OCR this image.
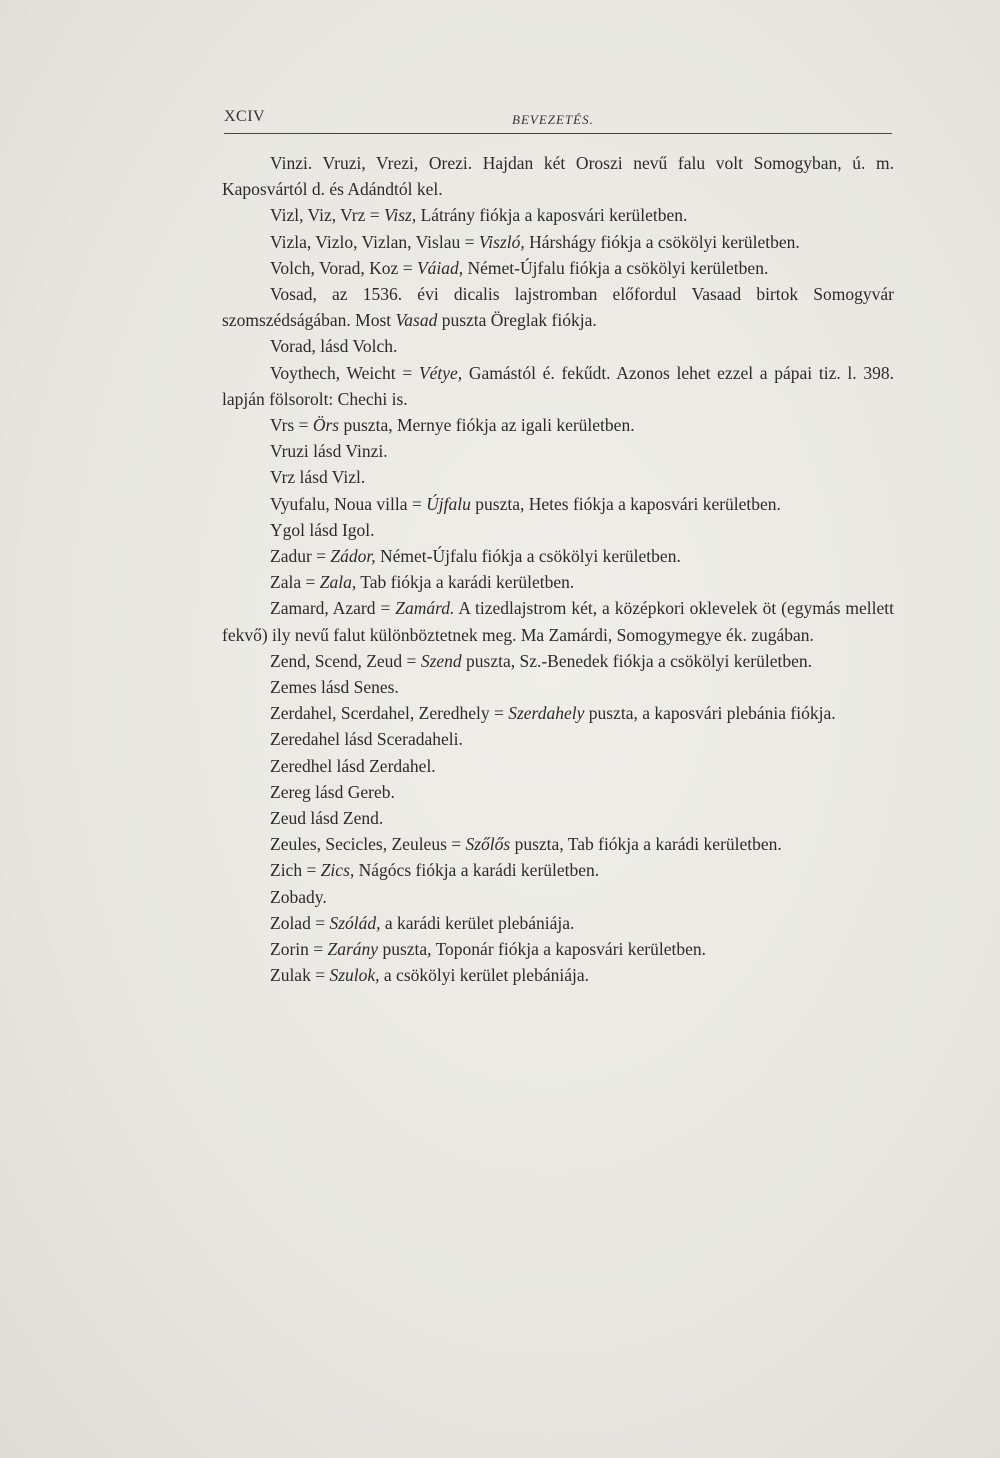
XCIV	BEVEZETÉS.

Vinzi. Vruzi, Vrezi, Orezi. Hajdan két Oroszi nevű falu volt Somogyban, ú. m. Kaposvártól d. és Adándtól kel.

Vizl, Viz, Vrz = Visz, Látrány fiókja a kaposvári kerületben.

Vizla, Vizlo, Vizlan, Vislau = Viszló, Hárshágy fiókja a csökölyi kerületben.

Volch, Vorad, Koz = Váiad, Német-Újfalu fiókja a csökölyi kerületben.

Vosad, az 1536. évi dicalis lajstromban előfordul Vasaad birtok Somogyvár szomszédságában. Most Vasad puszta Öreglak fiókja.

Vorad, lásd Volch.

Voythech, Weicht = Vétye, Gamástól é. fekűdt. Azonos lehet ezzel a pápai tiz. l. 398. lapján fölsorolt: Chechi is.

Vrs = Örs puszta, Mernye fiókja az igali kerületben.

Vruzi lásd Vinzi.

Vrz lásd Vizl.

Vyufalu, Noua villa = Újfalu puszta, Hetes fiókja a kaposvári kerületben.

Ygol lásd Igol.

Zadur = Zádor, Német-Újfalu fiókja a csökölyi kerületben.

Zala = Zala, Tab fiókja a karádi kerületben.

Zamard, Azard = Zamárd. A tizedlajstrom két, a középkori oklevelek öt (egymás mellett fekvő) ily nevű falut különböztetnek meg. Ma Zamárdi, Somogymegye ék. zugában.

Zend, Scend, Zeud = Szend puszta, Sz.-Benedek fiókja a csökölyi kerületben.

Zemes lásd Senes.

Zerdahel, Scerdahel, Zeredhely = Szerdahely puszta, a kaposvári plebánia fiókja.

Zeredahel lásd Sceradaheli.

Zeredhel lásd Zerdahel.

Zereg lásd Gereb.

Zeud lásd Zend.

Zeules, Secicles, Zeuleus = Szőlős puszta, Tab fiókja a karádi kerületben.

Zich = Zics, Nágócs fiókja a karádi kerületben.

Zobady.

Zolad = Szólád, a karádi kerület plebániája.

Zorin = Zarány puszta, Toponár fiókja a kaposvári kerületben.

Zulak = Szulok, a csökölyi kerület plebániája.
